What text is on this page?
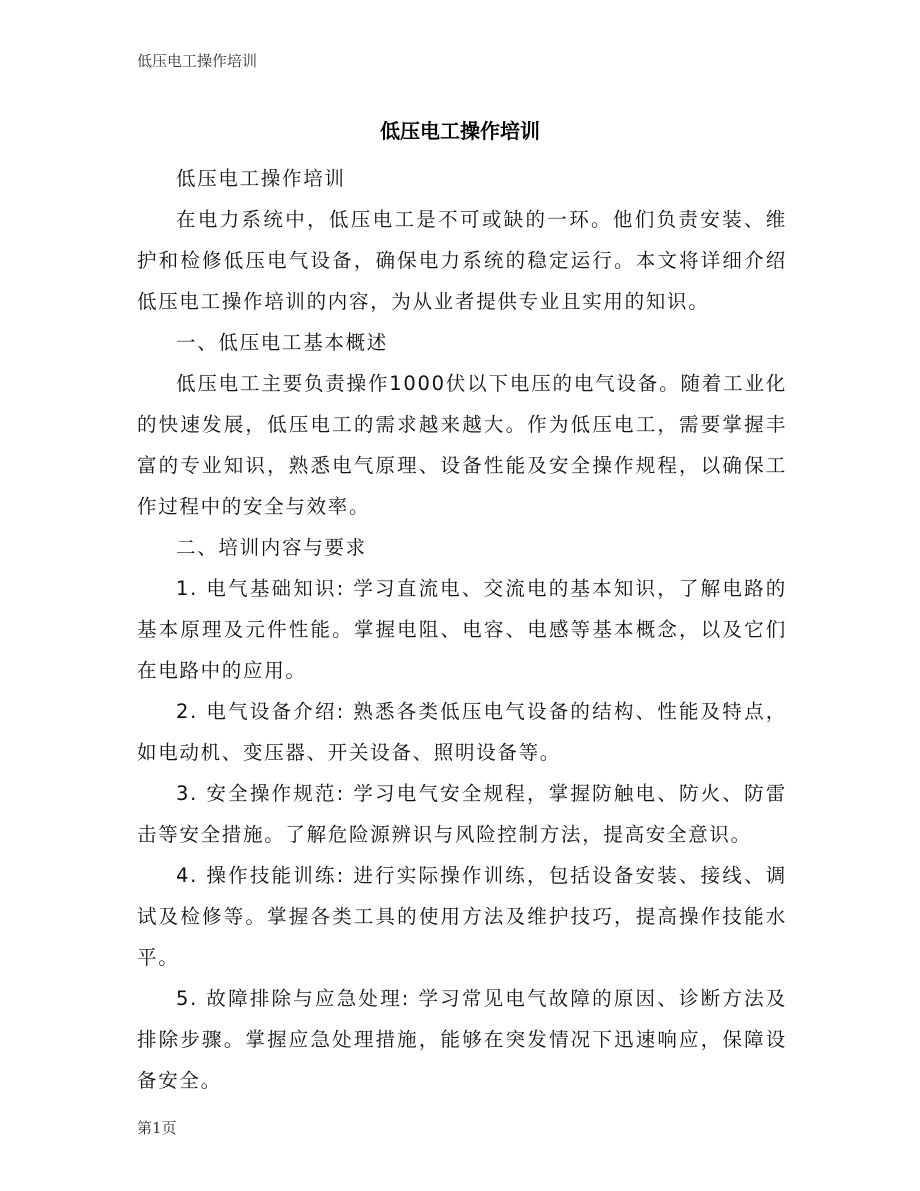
低压电工操作培训
低压电工操作培训

低压电工操作培训

在电力系统中，低压电工是不可或缺的一环。他们负责安装、维护和检修低压电气设备，确保电力系统的稳定运行。本文将详细介绍低压电工操作培训的内容，为从业者提供专业且实用的知识。

一、低压电工基本概述

低压电工主要负责操作1000伏以下电压的电气设备。随着工业化的快速发展，低压电工的需求越来越大。作为低压电工，需要掌握丰富的专业知识，熟悉电气原理、设备性能及安全操作规程，以确保工作过程中的安全与效率。

二、培训内容与要求

1. 电气基础知识: 学习直流电、交流电的基本知识，了解电路的基本原理及元件性能。掌握电阻、电容、电感等基本概念，以及它们在电路中的应用。

2. 电气设备介绍: 熟悉各类低压电气设备的结构、性能及特点，如电动机、变压器、开关设备、照明设备等。

3. 安全操作规范: 学习电气安全规程，掌握防触电、防火、防雷击等安全措施。了解危险源辨识与风险控制方法，提高安全意识。

4. 操作技能训练: 进行实际操作训练，包括设备安装、接线、调试及检修等。掌握各类工具的使用方法及维护技巧，提高操作技能水平。

5. 故障排除与应急处理: 学习常见电气故障的原因、诊断方法及排除步骤。掌握应急处理措施，能够在突发情况下迅速响应，保障设备安全。

第1页
